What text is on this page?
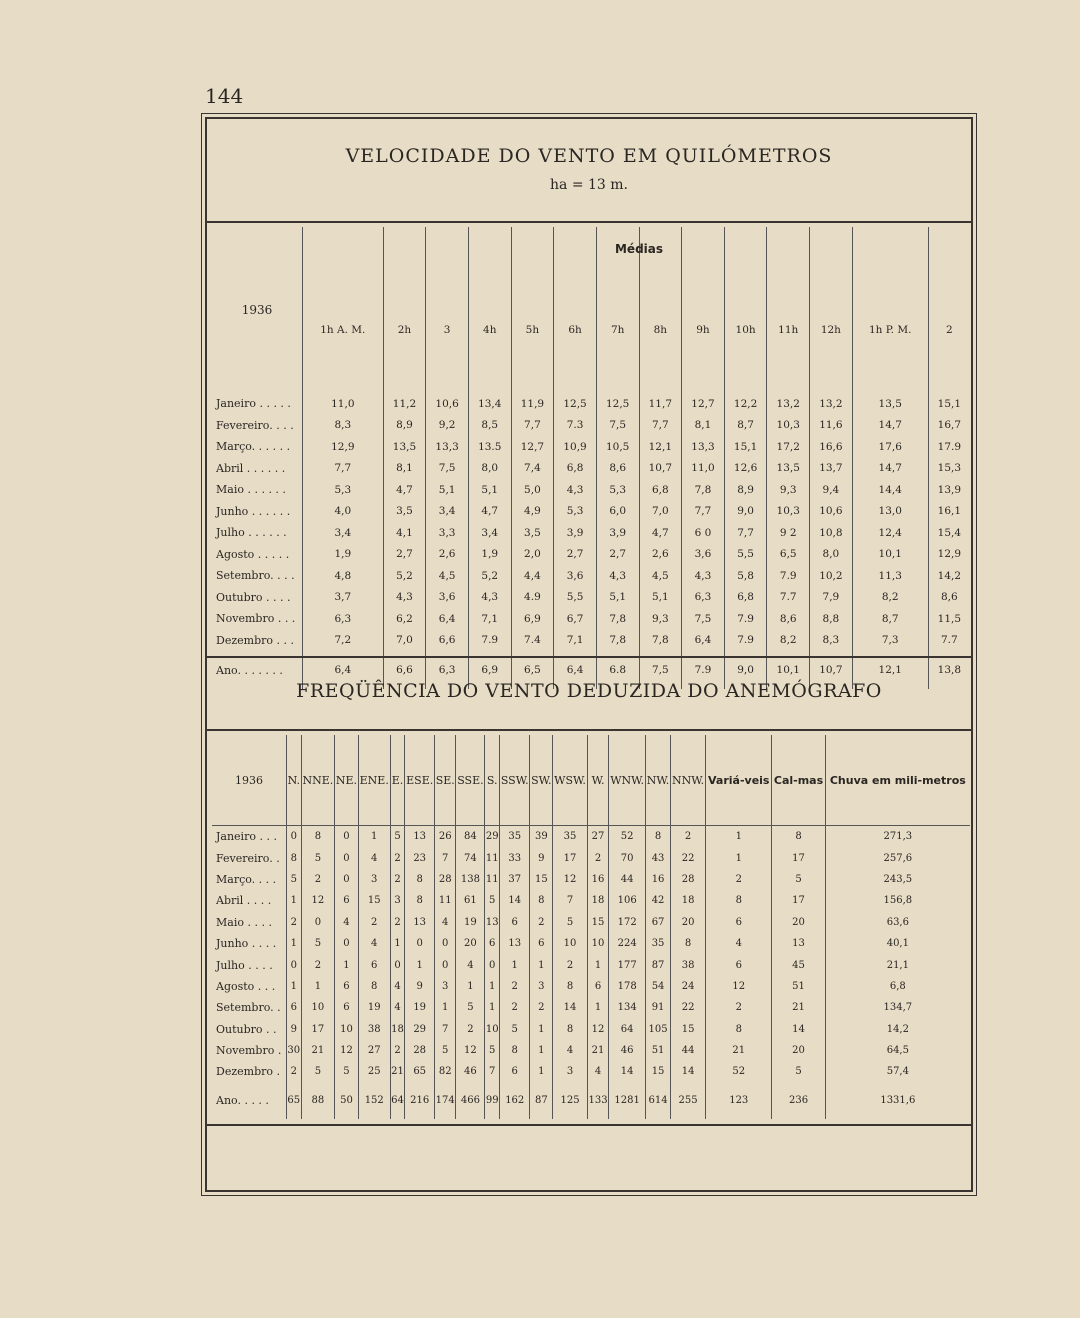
144
VELOCIDADE DO VENTO EM QUILÓMETROS
ha = 13 m.
1936	1h A. M.	2h	3	4h	5h	6h	7h	8h	9h	10h	11h	12h	1h P. M.	2
Janeiro . . . . .	11,0	11,2	10,6	13,4	11,9	12,5	12,5	11,7	12,7	12,2	13,2	13,2	13,5	15,1
Fevereiro. . . .	8,3	8,9	9,2	8,5	7,7	7.3	7,5	7,7	8,1	8,7	10,3	11,6	14,7	16,7
Março. . . . . .	12,9	13,5	13,3	13.5	12,7	10,9	10,5	12,1	13,3	15,1	17,2	16,6	17,6	17.9
Abril . . . . . .	7,7	8,1	7,5	8,0	7,4	6,8	8,6	10,7	11,0	12,6	13,5	13,7	14,7	15,3
Maio . . . . . .	5,3	4,7	5,1	5,1	5,0	4,3	5,3	6,8	7,8	8,9	9,3	9,4	14,4	13,9
Junho . . . . . .	4,0	3,5	3,4	4,7	4,9	5,3	6,0	7,0	7,7	9,0	10,3	10,6	13,0	16,1
Julho . . . . . .	3,4	4,1	3,3	3,4	3,5	3,9	3,9	4,7	6 0	7,7	9 2	10,8	12,4	15,4
Agosto . . . . .	1,9	2,7	2,6	1,9	2,0	2,7	2,7	2,6	3,6	5,5	6,5	8,0	10,1	12,9
Setembro. . . .	4,8	5,2	4,5	5,2	4,4	3,6	4,3	4,5	4,3	5,8	7.9	10,2	11,3	14,2
Outubro . . . .	3,7	4,3	3,6	4,3	4.9	5,5	5,1	5,1	6,3	6,8	7.7	7,9	8,2	8,6
Novembro . . .	6,3	6,2	6,4	7,1	6,9	6,7	7,8	9,3	7,5	7.9	8,6	8,8	8,7	11,5
Dezembro . . .	7,2	7,0	6,6	7.9	7.4	7,1	7,8	7,8	6,4	7.9	8,2	8,3	7,3	7.7
Ano. . . . . . .	6,4	6,6	6,3	6,9	6,5	6,4	6.8	7,5	7.9	9,0	10,1	10,7	12,1	13,8
Médias
FREQÜÊNCIA DO VENTO DEDUZIDA DO ANEMÓGRAFO
1936	N.	NNE.	NE.	ENE.	E.	ESE.	SE.	SSE.	S.	SSW.	SW.	WSW.	W.	WNW.	NW.	NNW.	Variá-veis	Cal-mas	Chuva em mili-metros
Janeiro . . .	0	8	0	1	5	13	26	84	29	35	39	35	27	52	8	2	1	8	271,3
Fevereiro. .	8	5	0	4	2	23	7	74	11	33	9	17	2	70	43	22	1	17	257,6
Março. . . .	5	2	0	3	2	8	28	138	11	37	15	12	16	44	16	28	2	5	243,5
Abril . . . .	1	12	6	15	3	8	11	61	5	14	8	7	18	106	42	18	8	17	156,8
Maio . . . .	2	0	4	2	2	13	4	19	13	6	2	5	15	172	67	20	6	20	63,6
Junho . . . .	1	5	0	4	1	0	0	20	6	13	6	10	10	224	35	8	4	13	40,1
Julho . . . .	0	2	1	6	0	1	0	4	0	1	1	2	1	177	87	38	6	45	21,1
Agosto . . .	1	1	6	8	4	9	3	1	1	2	3	8	6	178	54	24	12	51	6,8
Setembro. .	6	10	6	19	4	19	1	5	1	2	2	14	1	134	91	22	2	21	134,7
Outubro . .	9	17	10	38	18	29	7	2	10	5	1	8	12	64	105	15	8	14	14,2
Novembro .	30	21	12	27	2	28	5	12	5	8	1	4	21	46	51	44	21	20	64,5
Dezembro .	2	5	5	25	21	65	82	46	7	6	1	3	4	14	15	14	52	5	57,4
Ano. . . . .	65	88	50	152	64	216	174	466	99	162	87	125	133	1281	614	255	123	236	1331,6
